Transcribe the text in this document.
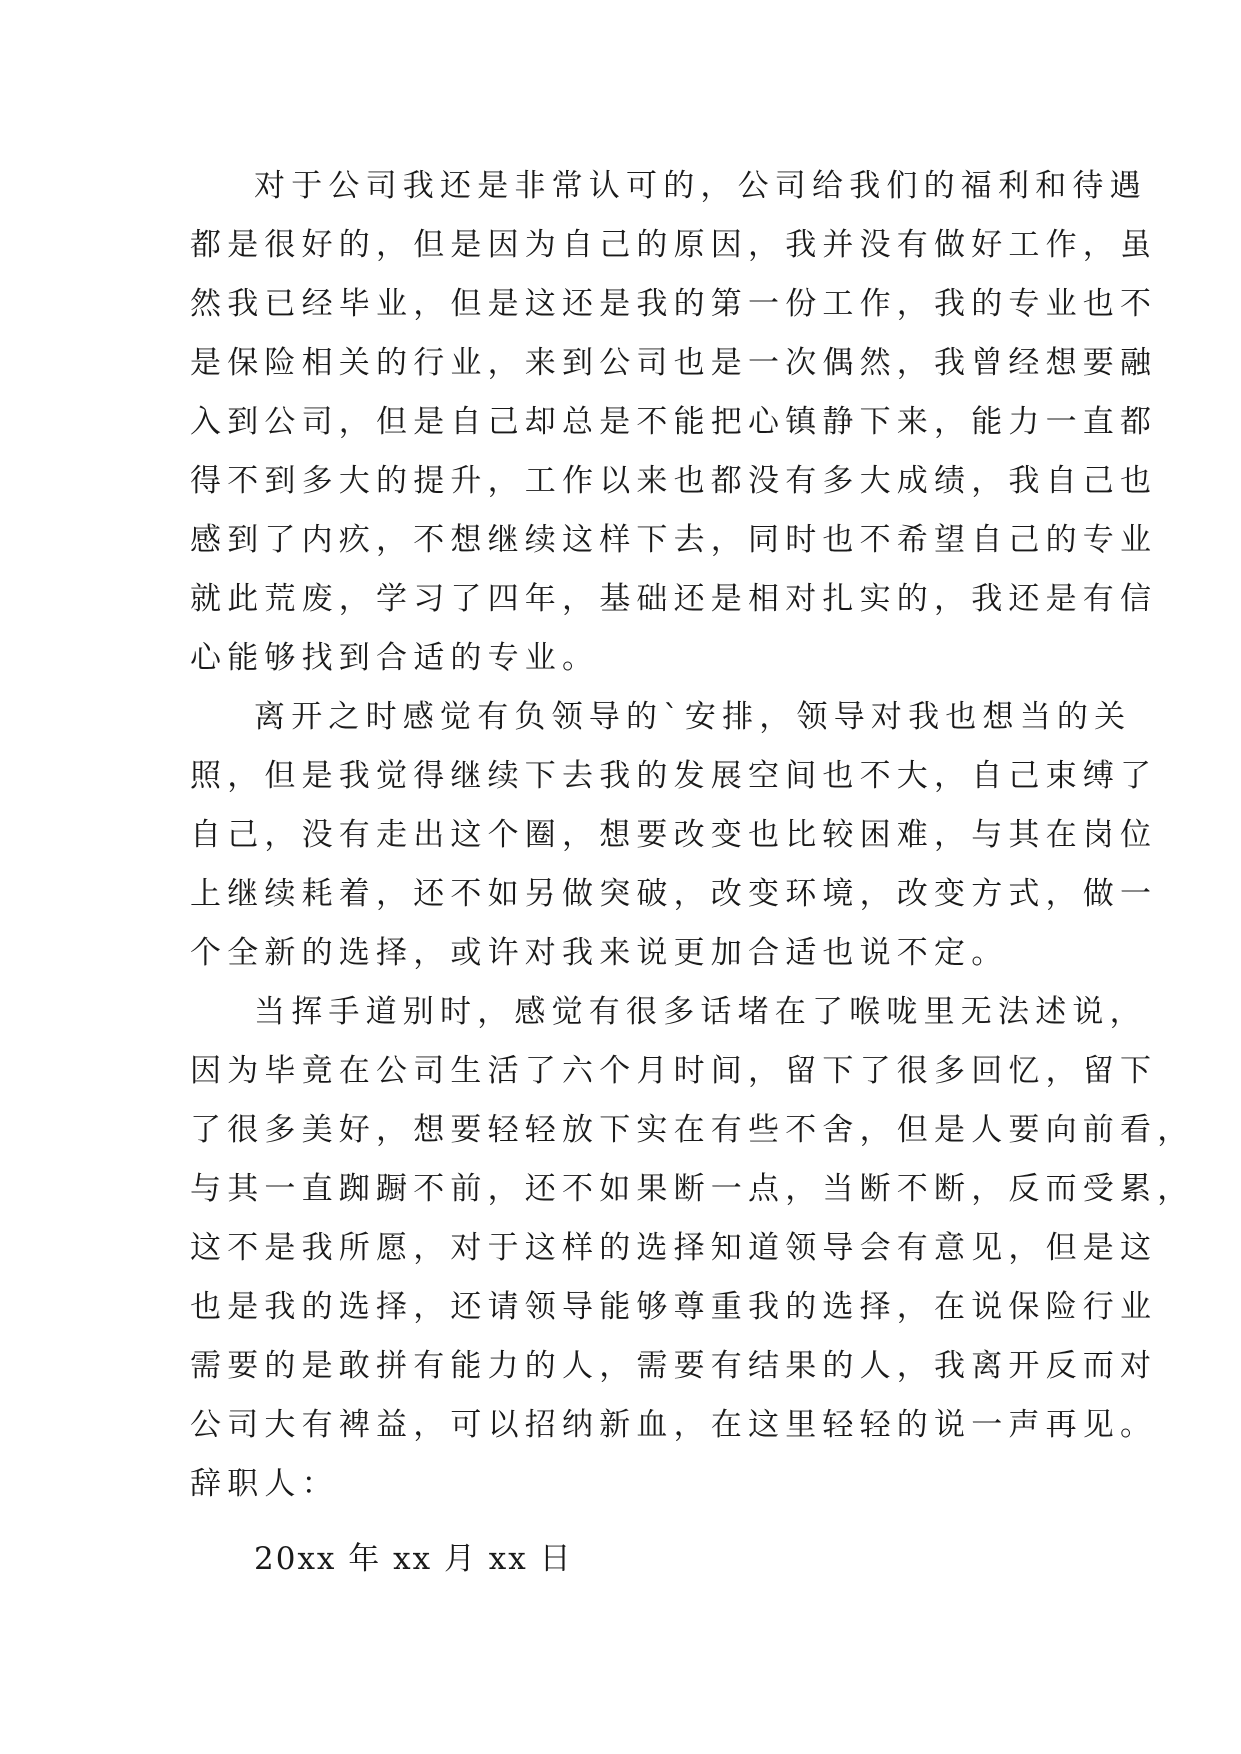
对于公司我还是非常认可的，公司给我们的福利和待遇
都是很好的，但是因为自己的原因，我并没有做好工作，虽
然我已经毕业，但是这还是我的第一份工作，我的专业也不
是保险相关的行业，来到公司也是一次偶然，我曾经想要融
入到公司，但是自己却总是不能把心镇静下来，能力一直都
得不到多大的提升，工作以来也都没有多大成绩，我自己也
感到了内疚，不想继续这样下去，同时也不希望自己的专业
就此荒废，学习了四年，基础还是相对扎实的，我还是有信
心能够找到合适的专业。
离开之时感觉有负领导的`安排，领导对我也想当的关
照，但是我觉得继续下去我的发展空间也不大，自己束缚了
自己，没有走出这个圈，想要改变也比较困难，与其在岗位
上继续耗着，还不如另做突破，改变环境，改变方式，做一
个全新的选择，或许对我来说更加合适也说不定。
当挥手道别时，感觉有很多话堵在了喉咙里无法述说，
因为毕竟在公司生活了六个月时间，留下了很多回忆，留下
了很多美好，想要轻轻放下实在有些不舍，但是人要向前看，
与其一直踟蹰不前，还不如果断一点，当断不断，反而受累，
这不是我所愿，对于这样的选择知道领导会有意见，但是这
也是我的选择，还请领导能够尊重我的选择，在说保险行业
需要的是敢拼有能力的人，需要有结果的人，我离开反而对
公司大有裨益，可以招纳新血，在这里轻轻的说一声再见。
辞职人：
20xx 年 xx 月 xx 日
